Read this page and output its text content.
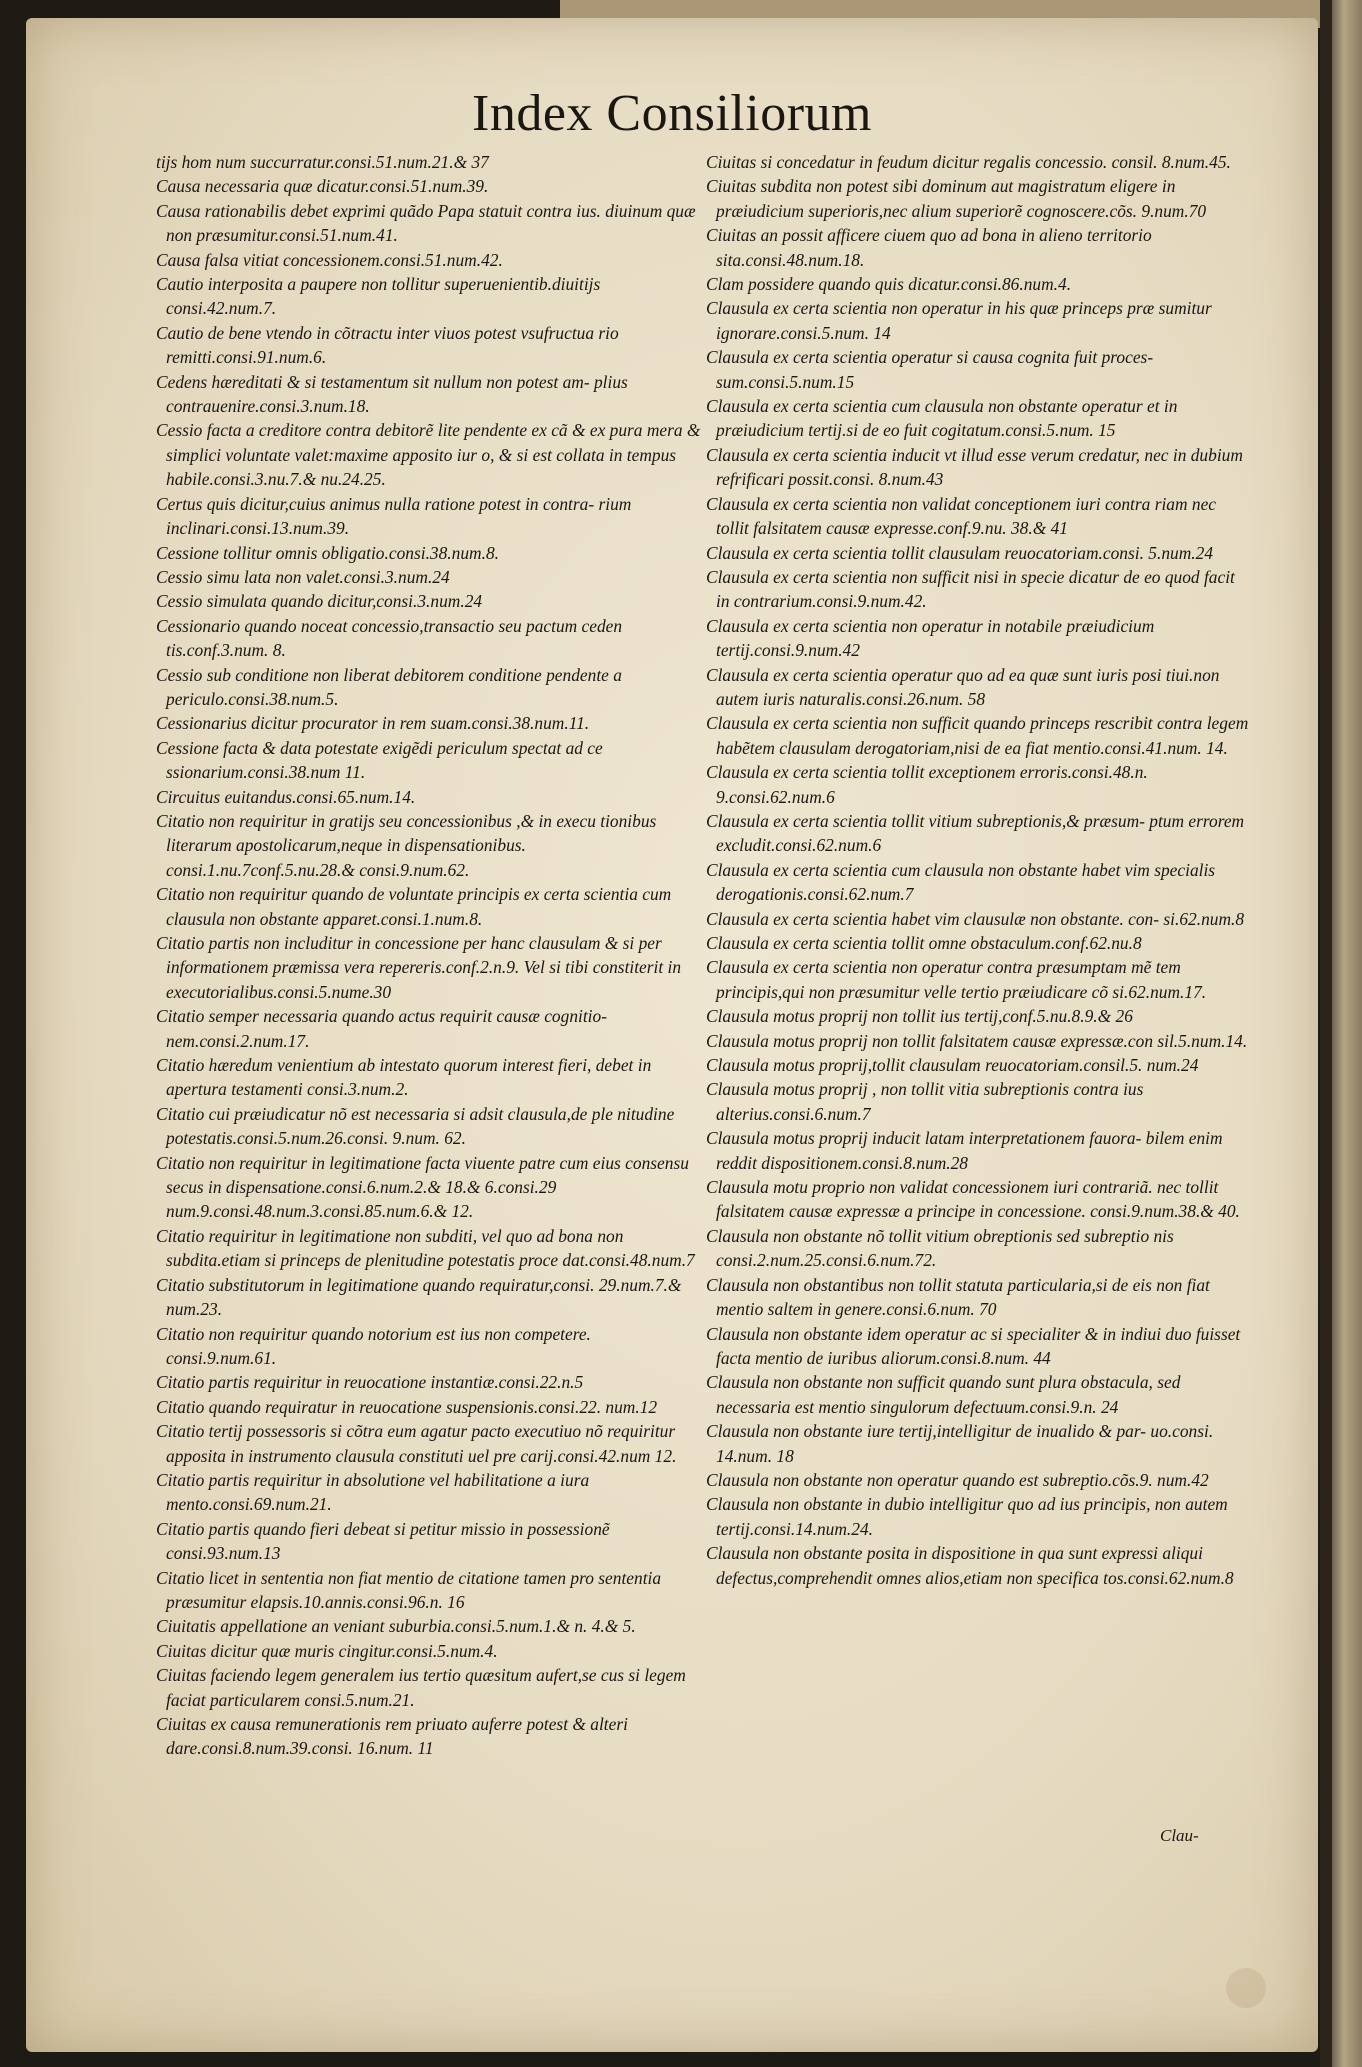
Index Consiliorum

tijs hom num succurratur.consi.51.num.21.& 37

Causa necessaria quæ dicatur.consi.51.num.39.

Causa rationabilis debet exprimi quãdo Papa statuit contra ius. diuinum quæ non præsumitur.consi.51.num.41.

Causa falsa vitiat concessionem.consi.51.num.42.

Cautio interposita a paupere non tollitur superuenientib.diuitijs consi.42.num.7.

Cautio de bene vtendo in cõtractu inter viuos potest vsufructua rio remitti.consi.91.num.6.

Cedens hæreditati & si testamentum sit nullum non potest am- plius contrauenire.consi.3.num.18.

Cessio facta a creditore contra debitorẽ lite pendente ex cã & ex pura mera & simplici voluntate valet:maxime apposito iur o, & si est collata in tempus habile.consi.3.nu.7.& nu.24.25.

Certus quis dicitur,cuius animus nulla ratione potest in contra- rium inclinari.consi.13.num.39.

Cessione tollitur omnis obligatio.consi.38.num.8.

Cessio simu lata non valet.consi.3.num.24

Cessio simulata quando dicitur,consi.3.num.24

Cessionario quando noceat concessio,transactio seu pactum ceden tis.conf.3.num. 8.

Cessio sub conditione non liberat debitorem conditione pendente a periculo.consi.38.num.5.

Cessionarius dicitur procurator in rem suam.consi.38.num.11.

Cessione facta & data potestate exigẽdi periculum spectat ad ce ssionarium.consi.38.num 11.

Circuitus euitandus.consi.65.num.14.

Citatio non requiritur in gratijs seu concessionibus ,& in execu tionibus literarum apostolicarum,neque in dispensationibus. consi.1.nu.7conf.5.nu.28.& consi.9.num.62.

Citatio non requiritur quando de voluntate principis ex certa scientia cum clausula non obstante apparet.consi.1.num.8.

Citatio partis non includitur in concessione per hanc clausulam & si per informationem præmissa vera repereris.conf.2.n.9. Vel si tibi constiterit in executorialibus.consi.5.nume.30

Citatio semper necessaria quando actus requirit causæ cognitio- nem.consi.2.num.17.

Citatio hæredum venientium ab intestato quorum interest fieri, debet in apertura testamenti consi.3.num.2.

Citatio cui præiudicatur nõ est necessaria si adsit clausula,de ple nitudine potestatis.consi.5.num.26.consi. 9.num. 62.

Citatio non requiritur in legitimatione facta viuente patre cum eius consensu secus in dispensatione.consi.6.num.2.& 18.& 6.consi.29 num.9.consi.48.num.3.consi.85.num.6.& 12.

Citatio requiritur in legitimatione non subditi, vel quo ad bona non subdita.etiam si princeps de plenitudine potestatis proce dat.consi.48.num.7

Citatio substitutorum in legitimatione quando requiratur,consi. 29.num.7.& num.23.

Citatio non requiritur quando notorium est ius non competere. consi.9.num.61.

Citatio partis requiritur in reuocatione instantiæ.consi.22.n.5

Citatio quando requiratur in reuocatione suspensionis.consi.22. num.12

Citatio tertij possessoris si cõtra eum agatur pacto executiuo nõ requiritur apposita in instrumento clausula constituti uel pre carij.consi.42.num 12.

Citatio partis requiritur in absolutione vel habilitatione a iura mento.consi.69.num.21.

Citatio partis quando fieri debeat si petitur missio in possessionẽ consi.93.num.13

Citatio licet in sententia non fiat mentio de citatione tamen pro sententia præsumitur elapsis.10.annis.consi.96.n. 16

Ciuitatis appellatione an veniant suburbia.consi.5.num.1.& n. 4.& 5.

Ciuitas dicitur quæ muris cingitur.consi.5.num.4.

Ciuitas faciendo legem generalem ius tertio quæsitum aufert,se cus si legem faciat particularem consi.5.num.21.

Ciuitas ex causa remunerationis rem priuato auferre potest & alteri dare.consi.8.num.39.consi. 16.num. 11

Ciuitas si concedatur in feudum dicitur regalis concessio. consil. 8.num.45.

Ciuitas subdita non potest sibi dominum aut magistratum eligere in præiudicium superioris,nec alium superiorẽ cognoscere.cõs. 9.num.70

Ciuitas an possit afficere ciuem quo ad bona in alieno territorio sita.consi.48.num.18.

Clam possidere quando quis dicatur.consi.86.num.4.

Clausula ex certa scientia non operatur in his quæ princeps præ sumitur ignorare.consi.5.num. 14

Clausula ex certa scientia operatur si causa cognita fuit proces- sum.consi.5.num.15

Clausula ex certa scientia cum clausula non obstante operatur et in præiudicium tertij.si de eo fuit cogitatum.consi.5.num. 15

Clausula ex certa scientia inducit vt illud esse verum credatur, nec in dubium refrificari possit.consi. 8.num.43

Clausula ex certa scientia non validat conceptionem iuri contra riam nec tollit falsitatem causæ expresse.conf.9.nu. 38.& 41

Clausula ex certa scientia tollit clausulam reuocatoriam.consi. 5.num.24

Clausula ex certa scientia non sufficit nisi in specie dicatur de eo quod facit in contrarium.consi.9.num.42.

Clausula ex certa scientia non operatur in notabile præiudicium tertij.consi.9.num.42

Clausula ex certa scientia operatur quo ad ea quæ sunt iuris posi tiui.non autem iuris naturalis.consi.26.num. 58

Clausula ex certa scientia non sufficit quando princeps rescribit contra legem habẽtem clausulam derogatoriam,nisi de ea fiat mentio.consi.41.num. 14.

Clausula ex certa scientia tollit exceptionem erroris.consi.48.n. 9.consi.62.num.6

Clausula ex certa scientia tollit vitium subreptionis,& præsum- ptum errorem excludit.consi.62.num.6

Clausula ex certa scientia cum clausula non obstante habet vim specialis derogationis.consi.62.num.7

Clausula ex certa scientia habet vim clausulæ non obstante. con- si.62.num.8

Clausula ex certa scientia tollit omne obstaculum.conf.62.nu.8

Clausula ex certa scientia non operatur contra præsumptam mẽ tem principis,qui non præsumitur velle tertio præiudicare cõ si.62.num.17.

Clausula motus proprij non tollit ius tertij,conf.5.nu.8.9.& 26

Clausula motus proprij non tollit falsitatem causæ expressæ.con sil.5.num.14.

Clausula motus proprij,tollit clausulam reuocatoriam.consil.5. num.24

Clausula motus proprij , non tollit vitia subreptionis contra ius alterius.consi.6.num.7

Clausula motus proprij inducit latam interpretationem fauora- bilem enim reddit dispositionem.consi.8.num.28

Clausula motu proprio non validat concessionem iuri contrariã. nec tollit falsitatem causæ expressæ a principe in concessione. consi.9.num.38.& 40.

Clausula non obstante nõ tollit vitium obreptionis sed subreptio nis consi.2.num.25.consi.6.num.72.

Clausula non obstantibus non tollit statuta particularia,si de eis non fiat mentio saltem in genere.consi.6.num. 70

Clausula non obstante idem operatur ac si specialiter & in indiui duo fuisset facta mentio de iuribus aliorum.consi.8.num. 44

Clausula non obstante non sufficit quando sunt plura obstacula, sed necessaria est mentio singulorum defectuum.consi.9.n. 24

Clausula non obstante iure tertij,intelligitur de inualido & par- uo.consi. 14.num. 18

Clausula non obstante non operatur quando est subreptio.cõs.9. num.42

Clausula non obstante in dubio intelligitur quo ad ius principis, non autem tertij.consi.14.num.24.

Clausula non obstante posita in dispositione in qua sunt expressi aliqui defectus,comprehendit omnes alios,etiam non specifica tos.consi.62.num.8

Clau-
